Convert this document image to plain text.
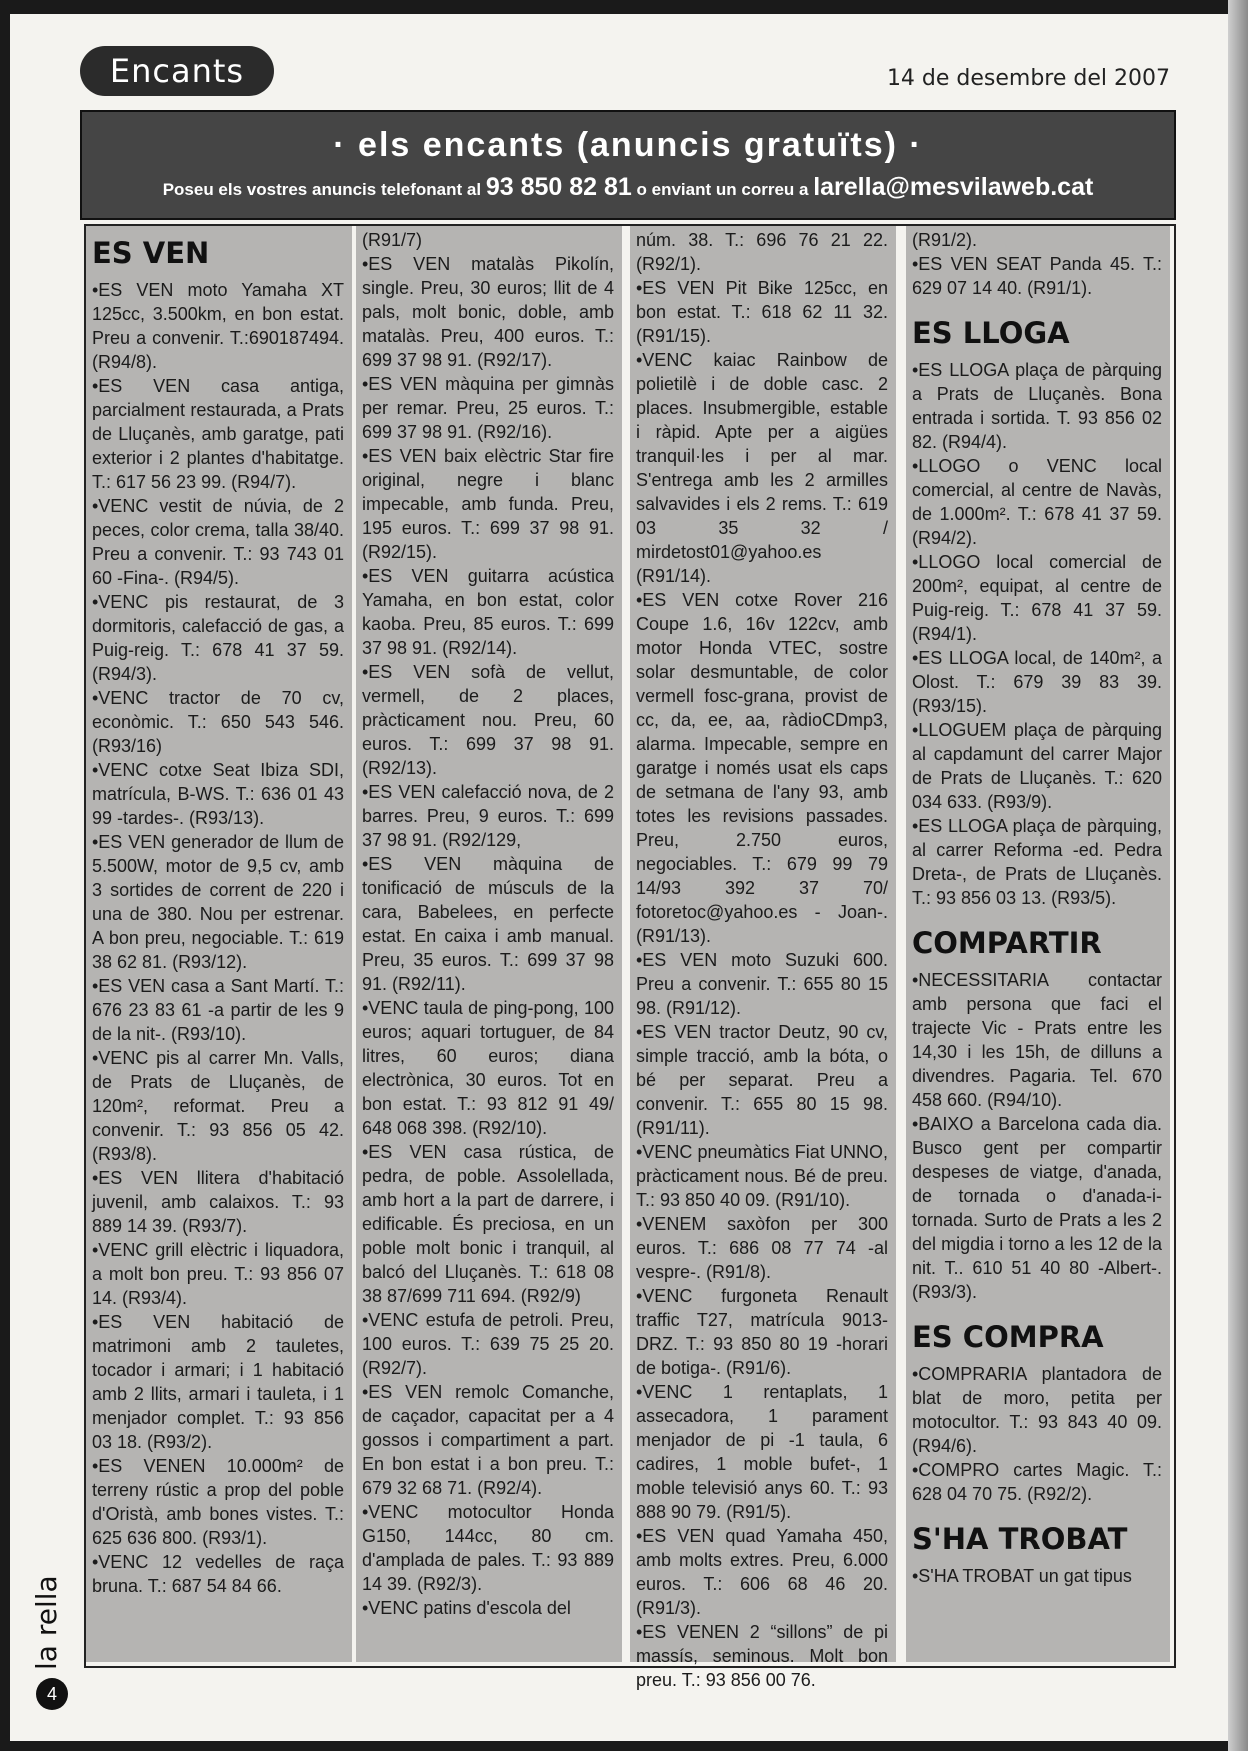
Encants	14 de desembre del 2007
· els encants (anuncis gratuïts) ·
Poseu els vostres anuncis telefonant al 93 850 82 81 o enviant un correu a larella@mesvilaweb.cat
ES VEN
•ES VEN moto Yamaha XT 125cc, 3.500km, en bon estat. Preu a convenir. T.:690187494. (R94/8).
•ES VEN casa antiga, parcialment restaurada, a Prats de Lluçanès, amb garatge, pati exterior i 2 plantes d'habitatge. T.: 617 56 23 99. (R94/7).
•VENC vestit de núvia, de 2 peces, color crema, talla 38/40. Preu a convenir. T.: 93 743 01 60 -Fina-. (R94/5).
•VENC pis restaurat, de 3 dormitoris, calefacció de gas, a Puig-reig. T.: 678 41 37 59. (R94/3).
•VENC tractor de 70 cv, econòmic. T.: 650 543 546. (R93/16)
•VENC cotxe Seat Ibiza SDI, matrícula, B-WS. T.: 636 01 43 99 -tardes-. (R93/13).
•ES VEN generador de llum de 5.500W, motor de 9,5 cv, amb 3 sortides de corrent de 220 i una de 380. Nou per estrenar. A bon preu, negociable. T.: 619 38 62 81. (R93/12).
•ES VEN casa a Sant Martí. T.: 676 23 83 61 -a partir de les 9 de la nit-. (R93/10).
•VENC pis al carrer Mn. Valls, de Prats de Lluçanès, de 120m², reformat. Preu a convenir. T.: 93 856 05 42. (R93/8).
•ES VEN llitera d'habitació juvenil, amb calaixos. T.: 93 889 14 39. (R93/7).
•VENC grill elèctric i liquadora, a molt bon preu. T.: 93 856 07 14. (R93/4).
•ES VEN habitació de matrimoni amb 2 tauletes, tocador i armari; i 1 habitació amb 2 llits, armari i tauleta, i 1 menjador complet. T.: 93 856 03 18. (R93/2).
•ES VENEN 10.000m² de terreny rústic a prop del poble d'Oristà, amb bones vistes. T.: 625 636 800. (R93/1).
•VENC 12 vedelles de raça bruna. T.: 687 54 84 66.
(R91/7)
•ES VEN matalàs Pikolín, single. Preu, 30 euros; llit de 4 pals, molt bonic, doble, amb matalàs. Preu, 400 euros. T.: 699 37 98 91. (R92/17).
•ES VEN màquina per gimnàs per remar. Preu, 25 euros. T.: 699 37 98 91. (R92/16).
•ES VEN baix elèctric Star fire original, negre i blanc impecable, amb funda. Preu, 195 euros. T.: 699 37 98 91. (R92/15).
•ES VEN guitarra acústica Yamaha, en bon estat, color kaoba. Preu, 85 euros. T.: 699 37 98 91. (R92/14).
•ES VEN sofà de vellut, vermell, de 2 places, pràcticament nou. Preu, 60 euros. T.: 699 37 98 91. (R92/13).
•ES VEN calefacció nova, de 2 barres. Preu, 9 euros. T.: 699 37 98 91. (R92/129,
•ES VEN màquina de tonificació de músculs de la cara, Babelees, en perfecte estat. En caixa i amb manual. Preu, 35 euros. T.: 699 37 98 91. (R92/11).
•VENC taula de ping-pong, 100 euros; aquari tortuguer, de 84 litres, 60 euros; diana electrònica, 30 euros. Tot en bon estat. T.: 93 812 91 49/ 648 068 398. (R92/10).
•ES VEN casa rústica, de pedra, de poble. Assolellada, amb hort a la part de darrere, i edificable. És preciosa, en un poble molt bonic i tranquil, al balcó del Lluçanès. T.: 618 08 38 87/699 711 694. (R92/9)
•VENC estufa de petroli. Preu, 100 euros. T.: 639 75 25 20. (R92/7).
•ES VEN remolc Comanche, de caçador, capacitat per a 4 gossos i compartiment a part. En bon estat i a bon preu. T.: 679 32 68 71. (R92/4).
•VENC motocultor Honda G150, 144cc, 80 cm. d'amplada de pales. T.: 93 889 14 39. (R92/3).
•VENC patins d'escola del
núm. 38. T.: 696 76 21 22. (R92/1).
•ES VEN Pit Bike 125cc, en bon estat. T.: 618 62 11 32. (R91/15).
•VENC kaiac Rainbow de polietilè i de doble casc. 2 places. Insubmergible, estable i ràpid. Apte per a aigües tranquil·les i per al mar. S'entrega amb les 2 armilles salvavides i els 2 rems. T.: 619 03 35 32 / mirdetost01@yahoo.es (R91/14).
•ES VEN cotxe Rover 216 Coupe 1.6, 16v 122cv, amb motor Honda VTEC, sostre solar desmuntable, de color vermell fosc-grana, provist de cc, da, ee, aa, ràdioCDmp3, alarma. Impecable, sempre en garatge i només usat els caps de setmana de l'any 93, amb totes les revisions passades. Preu, 2.750 euros, negociables. T.: 679 99 79 14/93 392 37 70/ fotoretoc@yahoo.es - Joan-. (R91/13).
•ES VEN moto Suzuki 600. Preu a convenir. T.: 655 80 15 98. (R91/12).
•ES VEN tractor Deutz, 90 cv, simple tracció, amb la bóta, o bé per separat. Preu a convenir. T.: 655 80 15 98. (R91/11).
•VENC pneumàtics Fiat UNNO, pràcticament nous. Bé de preu. T.: 93 850 40 09. (R91/10).
•VENEM saxòfon per 300 euros. T.: 686 08 77 74 -al vespre-. (R91/8).
•VENC furgoneta Renault traffic T27, matrícula 9013-DRZ. T.: 93 850 80 19 -horari de botiga-. (R91/6).
•VENC 1 rentaplats, 1 assecadora, 1 parament menjador de pi -1 taula, 6 cadires, 1 moble bufet-, 1 moble televisió anys 60. T.: 93 888 90 79. (R91/5).
•ES VEN quad Yamaha 450, amb molts extres. Preu, 6.000 euros. T.: 606 68 46 20. (R91/3).
•ES VENEN 2 “sillons” de pi massís, seminous. Molt bon preu. T.: 93 856 00 76.
(R91/2).
•ES VEN SEAT Panda 45. T.: 629 07 14 40. (R91/1).
ES LLOGA
•ES LLOGA plaça de pàrquing a Prats de Lluçanès. Bona entrada i sortida. T. 93 856 02 82. (R94/4).
•LLOGO o VENC local comercial, al centre de Navàs, de 1.000m². T.: 678 41 37 59. (R94/2).
•LLOGO local comercial de 200m², equipat, al centre de Puig-reig. T.: 678 41 37 59. (R94/1).
•ES LLOGA local, de 140m², a Olost. T.: 679 39 83 39. (R93/15).
•LLOGUEM plaça de pàrquing al capdamunt del carrer Major de Prats de Lluçanès. T.: 620 034 633. (R93/9).
•ES LLOGA plaça de pàrquing, al carrer Reforma -ed. Pedra Dreta-, de Prats de Lluçanès. T.: 93 856 03 13. (R93/5).
COMPARTIR
•NECESSITARIA contactar amb persona que faci el trajecte Vic - Prats entre les 14,30 i les 15h, de dilluns a divendres. Pagaria. Tel. 670 458 660. (R94/10).
•BAIXO a Barcelona cada dia. Busco gent per compartir despeses de viatge, d'anada, de tornada o d'anada-i-tornada. Surto de Prats a les 2 del migdia i torno a les 12 de la nit. T.. 610 51 40 80 -Albert-. (R93/3).
ES COMPRA
•COMPRARIA plantadora de blat de moro, petita per motocultor. T.: 93 843 40 09. (R94/6).
•COMPRO cartes Magic. T.: 628 04 70 75. (R92/2).
S'HA TROBAT
•S'HA TROBAT un gat tipus
la rella
4
